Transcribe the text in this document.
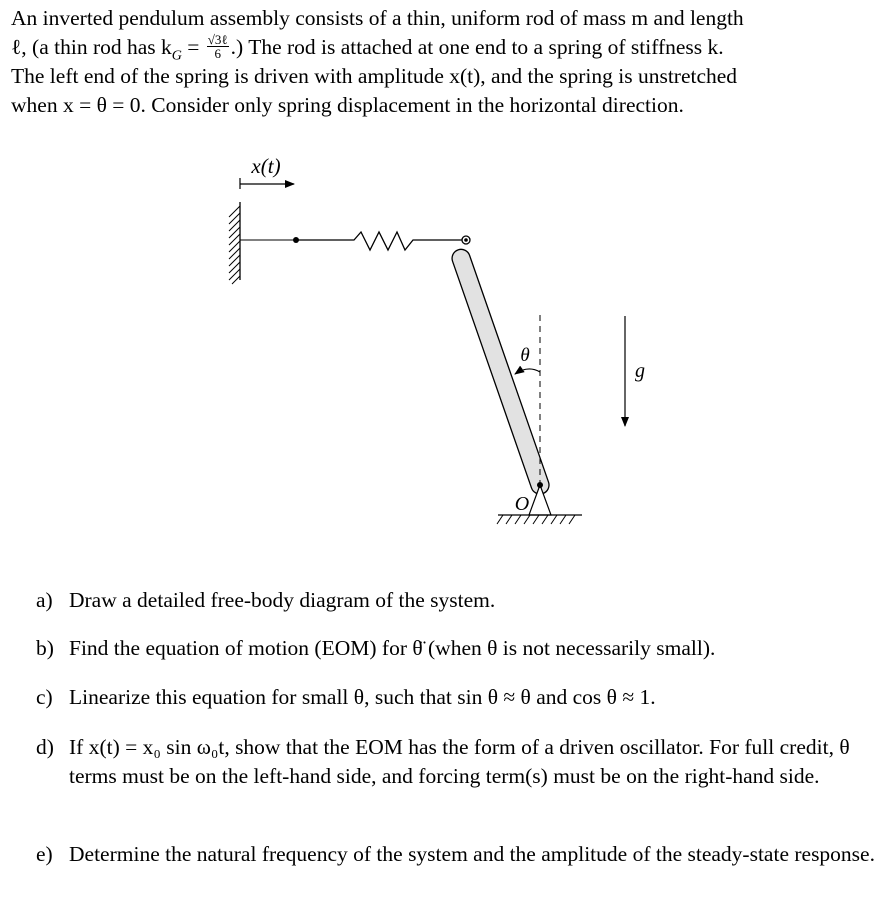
An inverted pendulum assembly consists of a thin, uniform rod of mass m and length
ℓ, (a thin rod has $k_G = \frac{\text{√3ℓ}}{6}$ .) The rod is attached at one end to a spring of stiffness k.
The left end of the spring is driven with amplitude x(t), and the spring is unstretched
when x = θ = 0. Consider only spring displacement in the horizontal direction.
x(t)
θ
O
g
a) Draw a detailed free-body diagram of the system.
b) Find the equation of motion (EOM) for θ̈ (when θ is not necessarily small).
c) Linearize this equation for small θ, such that sin θ ≈ θ and cos θ ≈ 1.
d) If x(t) = x₀ sin ω₀t, show that the EOM has the form of a driven oscillator. For full credit, θ terms must be on the left-hand side, and forcing term(s) must be on the right-hand side.
e) Determine the natural frequency of the system and the amplitude of the steady-state response.
